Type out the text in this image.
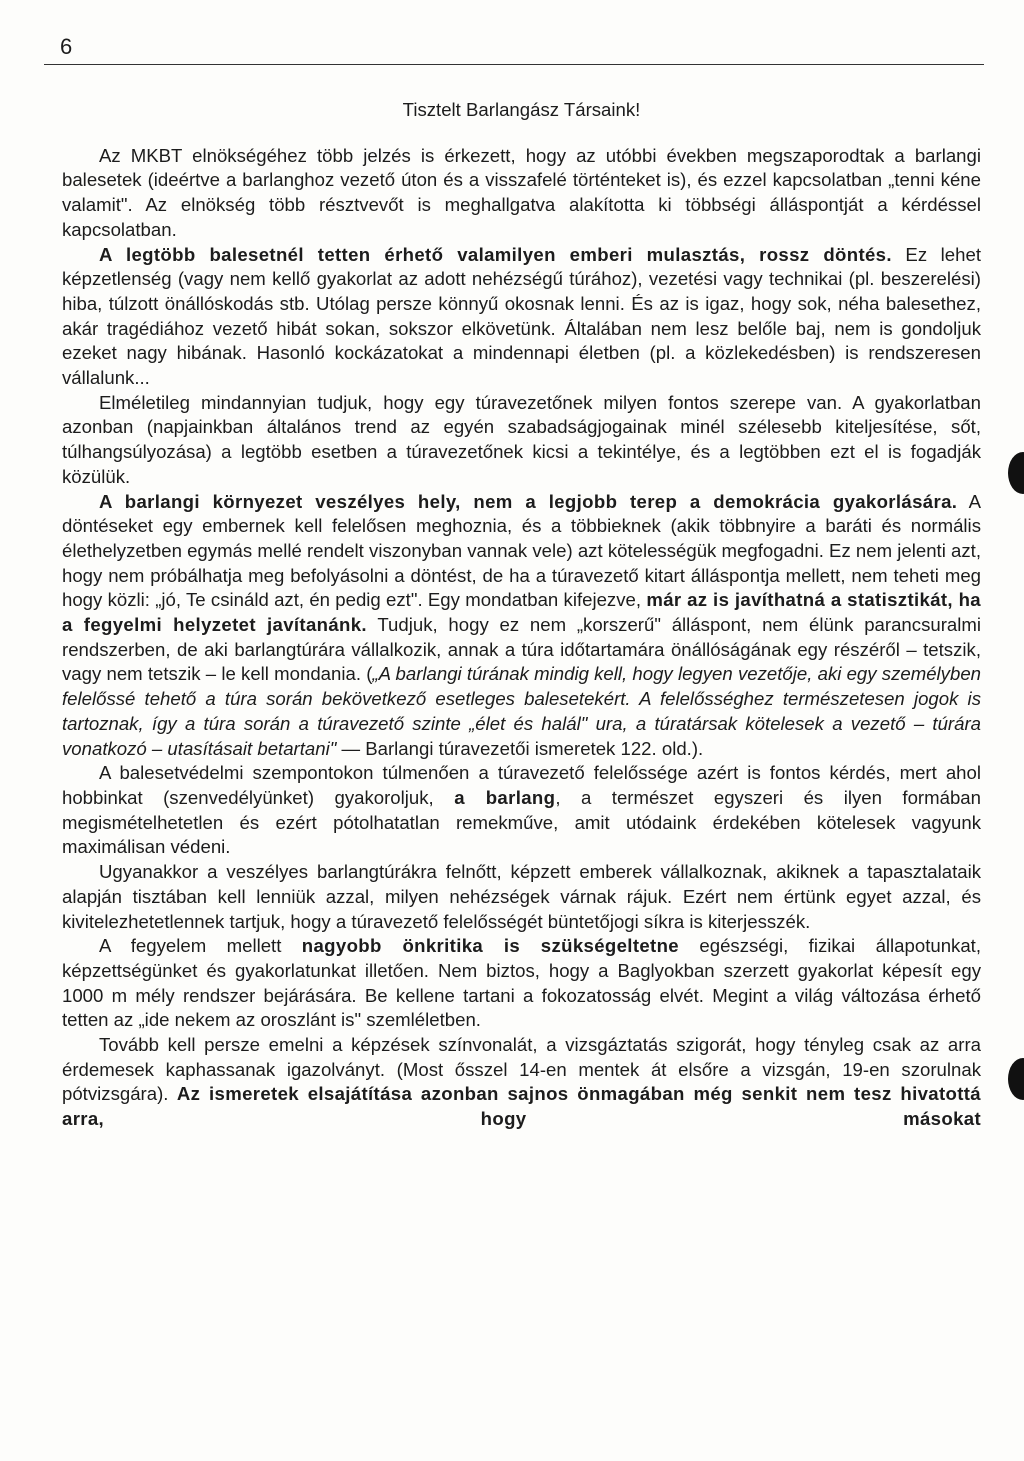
6

Tisztelt Barlangász Társaink!

Az MKBT elnökségéhez több jelzés is érkezett, hogy az utóbbi években megszaporodtak a barlangi balesetek (ideértve a barlanghoz vezető úton és a visszafelé történteket is), és ezzel kapcsolatban „tenni kéne valamit". Az elnökség több résztvevőt is meghallgatva alakította ki többségi álláspontját a kérdéssel kapcsolatban.

A legtöbb balesetnél tetten érhető valamilyen emberi mulasztás, rossz döntés. Ez lehet képzetlenség (vagy nem kellő gyakorlat az adott nehézségű túrához), vezetési vagy technikai (pl. beszerelési) hiba, túlzott önállóskodás stb. Utólag persze könnyű okosnak lenni. És az is igaz, hogy sok, néha balesethez, akár tragédiához vezető hibát sokan, sokszor elkövetünk. Általában nem lesz belőle baj, nem is gondoljuk ezeket nagy hibának. Hasonló kockázatokat a mindennapi életben (pl. a közlekedésben) is rendszeresen vállalunk...

Elméletileg mindannyian tudjuk, hogy egy túravezetőnek milyen fontos szerepe van. A gyakorlatban azonban (napjainkban általános trend az egyén szabadságjogainak minél szélesebb kiteljesítése, sőt, túlhangsúlyozása) a legtöbb esetben a túravezetőnek kicsi a tekintélye, és a legtöbben ezt el is fogadják közülük.

A barlangi környezet veszélyes hely, nem a legjobb terep a demokrácia gyakorlására. A döntéseket egy embernek kell felelősen meghoznia, és a többieknek (akik többnyire a baráti és normális élethelyzetben egymás mellé rendelt viszonyban vannak vele) azt kötelességük megfogadni. Ez nem jelenti azt, hogy nem próbálhatja meg befolyásolni a döntést, de ha a túravezető kitart álláspontja mellett, nem teheti meg hogy közli: „jó, Te csináld azt, én pedig ezt". Egy mondatban kifejezve, már az is javíthatná a statisztikát, ha a fegyelmi helyzetet javítanánk. Tudjuk, hogy ez nem „korszerű" álláspont, nem élünk parancsuralmi rendszerben, de aki barlangtúrára vállalkozik, annak a túra időtartamára önállóságának egy részéről – tetszik, vagy nem tetszik – le kell mondania. („A barlangi túrának mindig kell, hogy legyen vezetője, aki egy személyben felelőssé tehető a túra során bekövetkező esetleges balesetekért. A felelősséghez természetesen jogok is tartoznak, így a túra során a túravezető szinte „élet és halál" ura, a túratársak kötelesek a vezető – túrára vonatkozó – utasításait betartani" — Barlangi túravezetői ismeretek 122. old.).

A balesetvédelmi szempontokon túlmenően a túravezető felelőssége azért is fontos kérdés, mert ahol hobbinkat (szenvedélyünket) gyakoroljuk, a barlang, a természet egyszeri és ilyen formában megismételhetetlen és ezért pótolhatatlan remekműve, amit utódaink érdekében kötelesek vagyunk maximálisan védeni.

Ugyanakkor a veszélyes barlangtúrákra felnőtt, képzett emberek vállalkoznak, akiknek a tapasztalataik alapján tisztában kell lenniük azzal, milyen nehézségek várnak rájuk. Ezért nem értünk egyet azzal, és kivitelezhetetlennek tartjuk, hogy a túravezető felelősségét büntetőjogi síkra is kiterjesszék.

A fegyelem mellett nagyobb önkritika is szükségeltetne egészségi, fizikai állapotunkat, képzettségünket és gyakorlatunkat illetően. Nem biztos, hogy a Baglyokban szerzett gyakorlat képesít egy 1000 m mély rendszer bejárására. Be kellene tartani a fokozatosság elvét. Megint a világ változása érhető tetten az „ide nekem az oroszlánt is" szemléletben.

Tovább kell persze emelni a képzések színvonalát, a vizsgáztatás szigorát, hogy tényleg csak az arra érdemesek kaphassanak igazolványt. (Most ősszel 14-en mentek át elsőre a vizsgán, 19-en szorulnak pótvizsgára). Az ismeretek elsajátítása azonban sajnos önmagában még senkit nem tesz hivatottá arra, hogy másokat
